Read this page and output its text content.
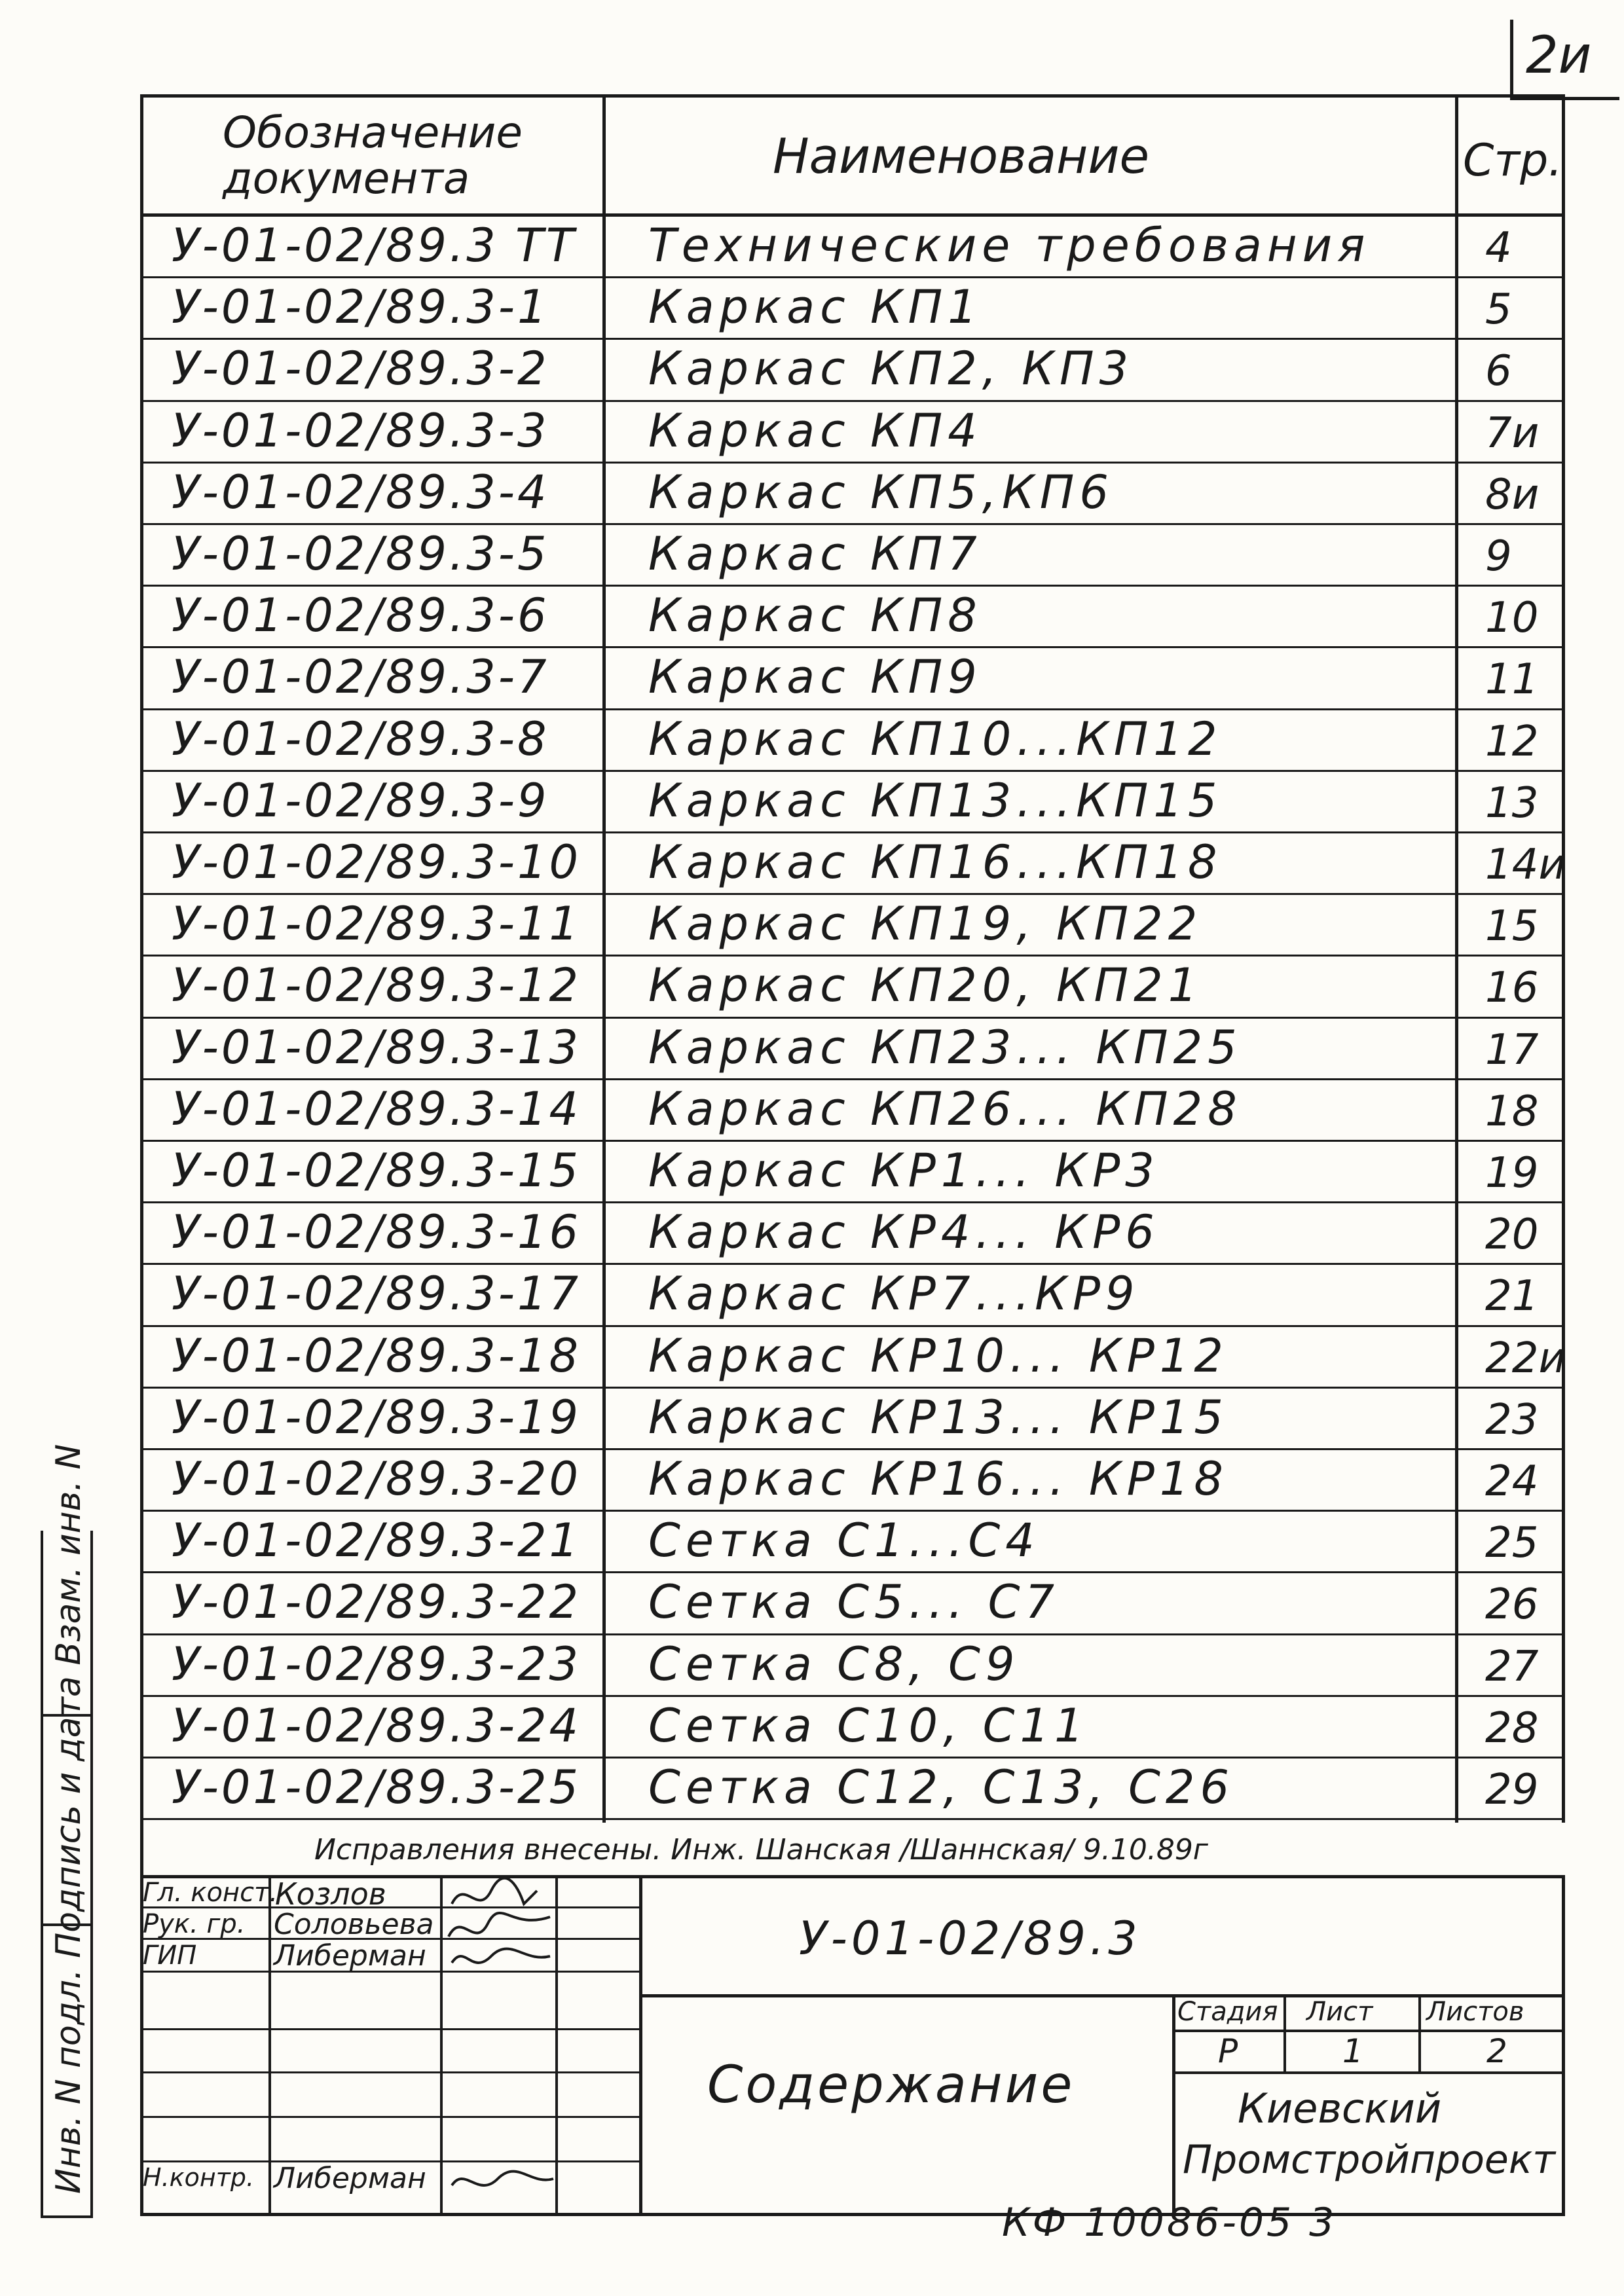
2и
Обозначение
документа	Наименование	Стр.
У-01-02/89.3 ТТ Технические требования	4
У-01-02/89.3-1 Каркас КП1	5
У-01-02/89.3-2 Каркас КП2, КП3	6
У-01-02/89.3-3 Каркас КП4	7и
У-01-02/89.3-4 Каркас КП5,КП6	8и
У-01-02/89.3-5 Каркас КП7	9
У-01-02/89.3-6 Каркас КП8	10
У-01-02/89.3-7 Каркас КП9	11
У-01-02/89.3-8 Каркас КП10...КП12	12
У-01-02/89.3-9 Каркас КП13...КП15	13
У-01-02/89.3-10 Каркас КП16...КП18	14и
У-01-02/89.3-11 Каркас КП19, КП22	15
У-01-02/89.3-12 Каркас КП20, КП21	16
У-01-02/89.3-13 Каркас КП23... КП25	17
У-01-02/89.3-14 Каркас КП26... КП28	18
У-01-02/89.3-15 Каркас КР1... КР3	19
У-01-02/89.3-16 Каркас КР4... КР6	20
У-01-02/89.3-17 Каркас КР7...КР9	21
У-01-02/89.3-18 Каркас КР10... КР12	22и
У-01-02/89.3-19 Каркас КР13... КР15	23
У-01-02/89.3-20 Каркас КР16... КР18	24
У-01-02/89.3-21 Сетка С1...С4	25
У-01-02/89.3-22 Сетка С5... С7	26
У-01-02/89.3-23 Сетка С8, С9	27
У-01-02/89.3-24 Сетка С10, С11	28
У-01-02/89.3-25 Сетка С12, С13, С26	29
Исправления внесены. Инж. Шанская /Шаннская/ 9.10.89г
Гл. конст.
Козлов
Рук. гр. Соловьева
ГИП	Либерман
Н.контр. Либерман
У-01-02/89.3
Содержание
Стадия Лист Листов
Р	1	2
Киевский
Промстройпроект
Инв. N подл. Подпись и дата Взам. инв. N
КФ 10086-05 3
